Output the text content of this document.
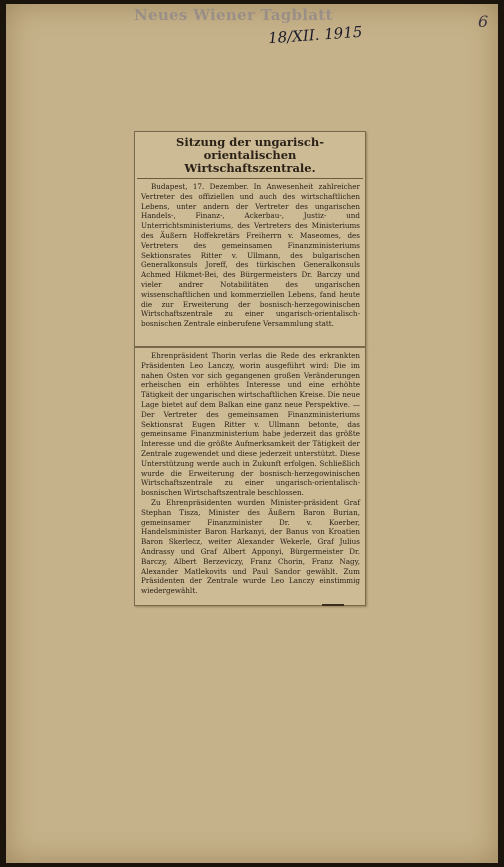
Neues Wiener Tagblatt
18/XII. 1915
6
Sitzung der ungarisch-orientalischen Wirtschaftszentrale.

Budapest, 17. Dezember. In Anwesenheit zahlreicher Vertreter des offiziellen und auch des wirtschaftlichen Lebens, unter andern der Vertreter des ungarischen Handels-, Finanz-, Ackerbau-, Justiz- und Unterrichtsministeriums, des Vertreters des Ministeriums des Äußern Hoffekretärs Freiherrn v. Maseomes, des Vertreters des gemeinsamen Finanzministeriums Sektionsrates Ritter v. Ullmann, des bulgarischen Generalkonsuls Joreff, des türkischen Generalkonsuls Achmed Hikmet-Bei, des Bürgermeisters Dr. Barczy und vieler andrer Notabilitäten des ungarischen wissenschaftlichen und kommerziellen Lebens, fand heute die zur Erweiterung der bosnisch-herzegowinischen Wirtschaftszentrale zu einer ungarisch-orientalisch-bosnischen Zentrale einberufene Versammlung statt.

Ehrenpräsident Thorin verlas die Rede des erkrankten Präsidenten Leo Lanczy, worin ausgeführt wird: Die im nahen Osten vor sich gegangenen großen Veränderungen erheischen ein erhöhtes Interesse und eine erhöhte Tätigkeit der ungarischen wirtschaftlichen Kreise. Die neue Lage bietet auf dem Balkan eine ganz neue Perspektive. — Der Vertreter des gemeinsamen Finanzministeriums Sektionsrat Eugen Ritter v. Ullmann betonte, das gemeinsame Finanzministerium habe jederzeit das größte Interesse und die größte Aufmerksamkeit der Tätigkeit der Zentrale zugewendet und diese jederzeit unterstützt. Diese Unterstützung werde auch in Zukunft erfolgen. Schließlich wurde die Erweiterung der bosnisch-herzegowinischen Wirtschaftszentrale zu einer ungarisch-orientalisch-bosnischen Wirtschaftszentrale beschlossen.

Zu Ehrenpräsidenten wurden Minister-präsident Graf Stephan Tisza, Minister des Äußern Baron Burian, gemeinsamer Finanzminister Dr. v. Koerber, Handelsminister Baron Harkanyi, der Banus von Kroatien Baron Skerlecz, weiter Alexander Wekerle, Graf Julius Andrassy und Graf Albert Apponyi, Bürgermeister Dr. Barczy, Albert Berzeviczy, Franz Chorin, Franz Nagy, Alexander Matlekovits und Paul Sandor gewählt. Zum Präsidenten der Zentrale wurde Leo Lanczy einstimmig wiedergewählt.
